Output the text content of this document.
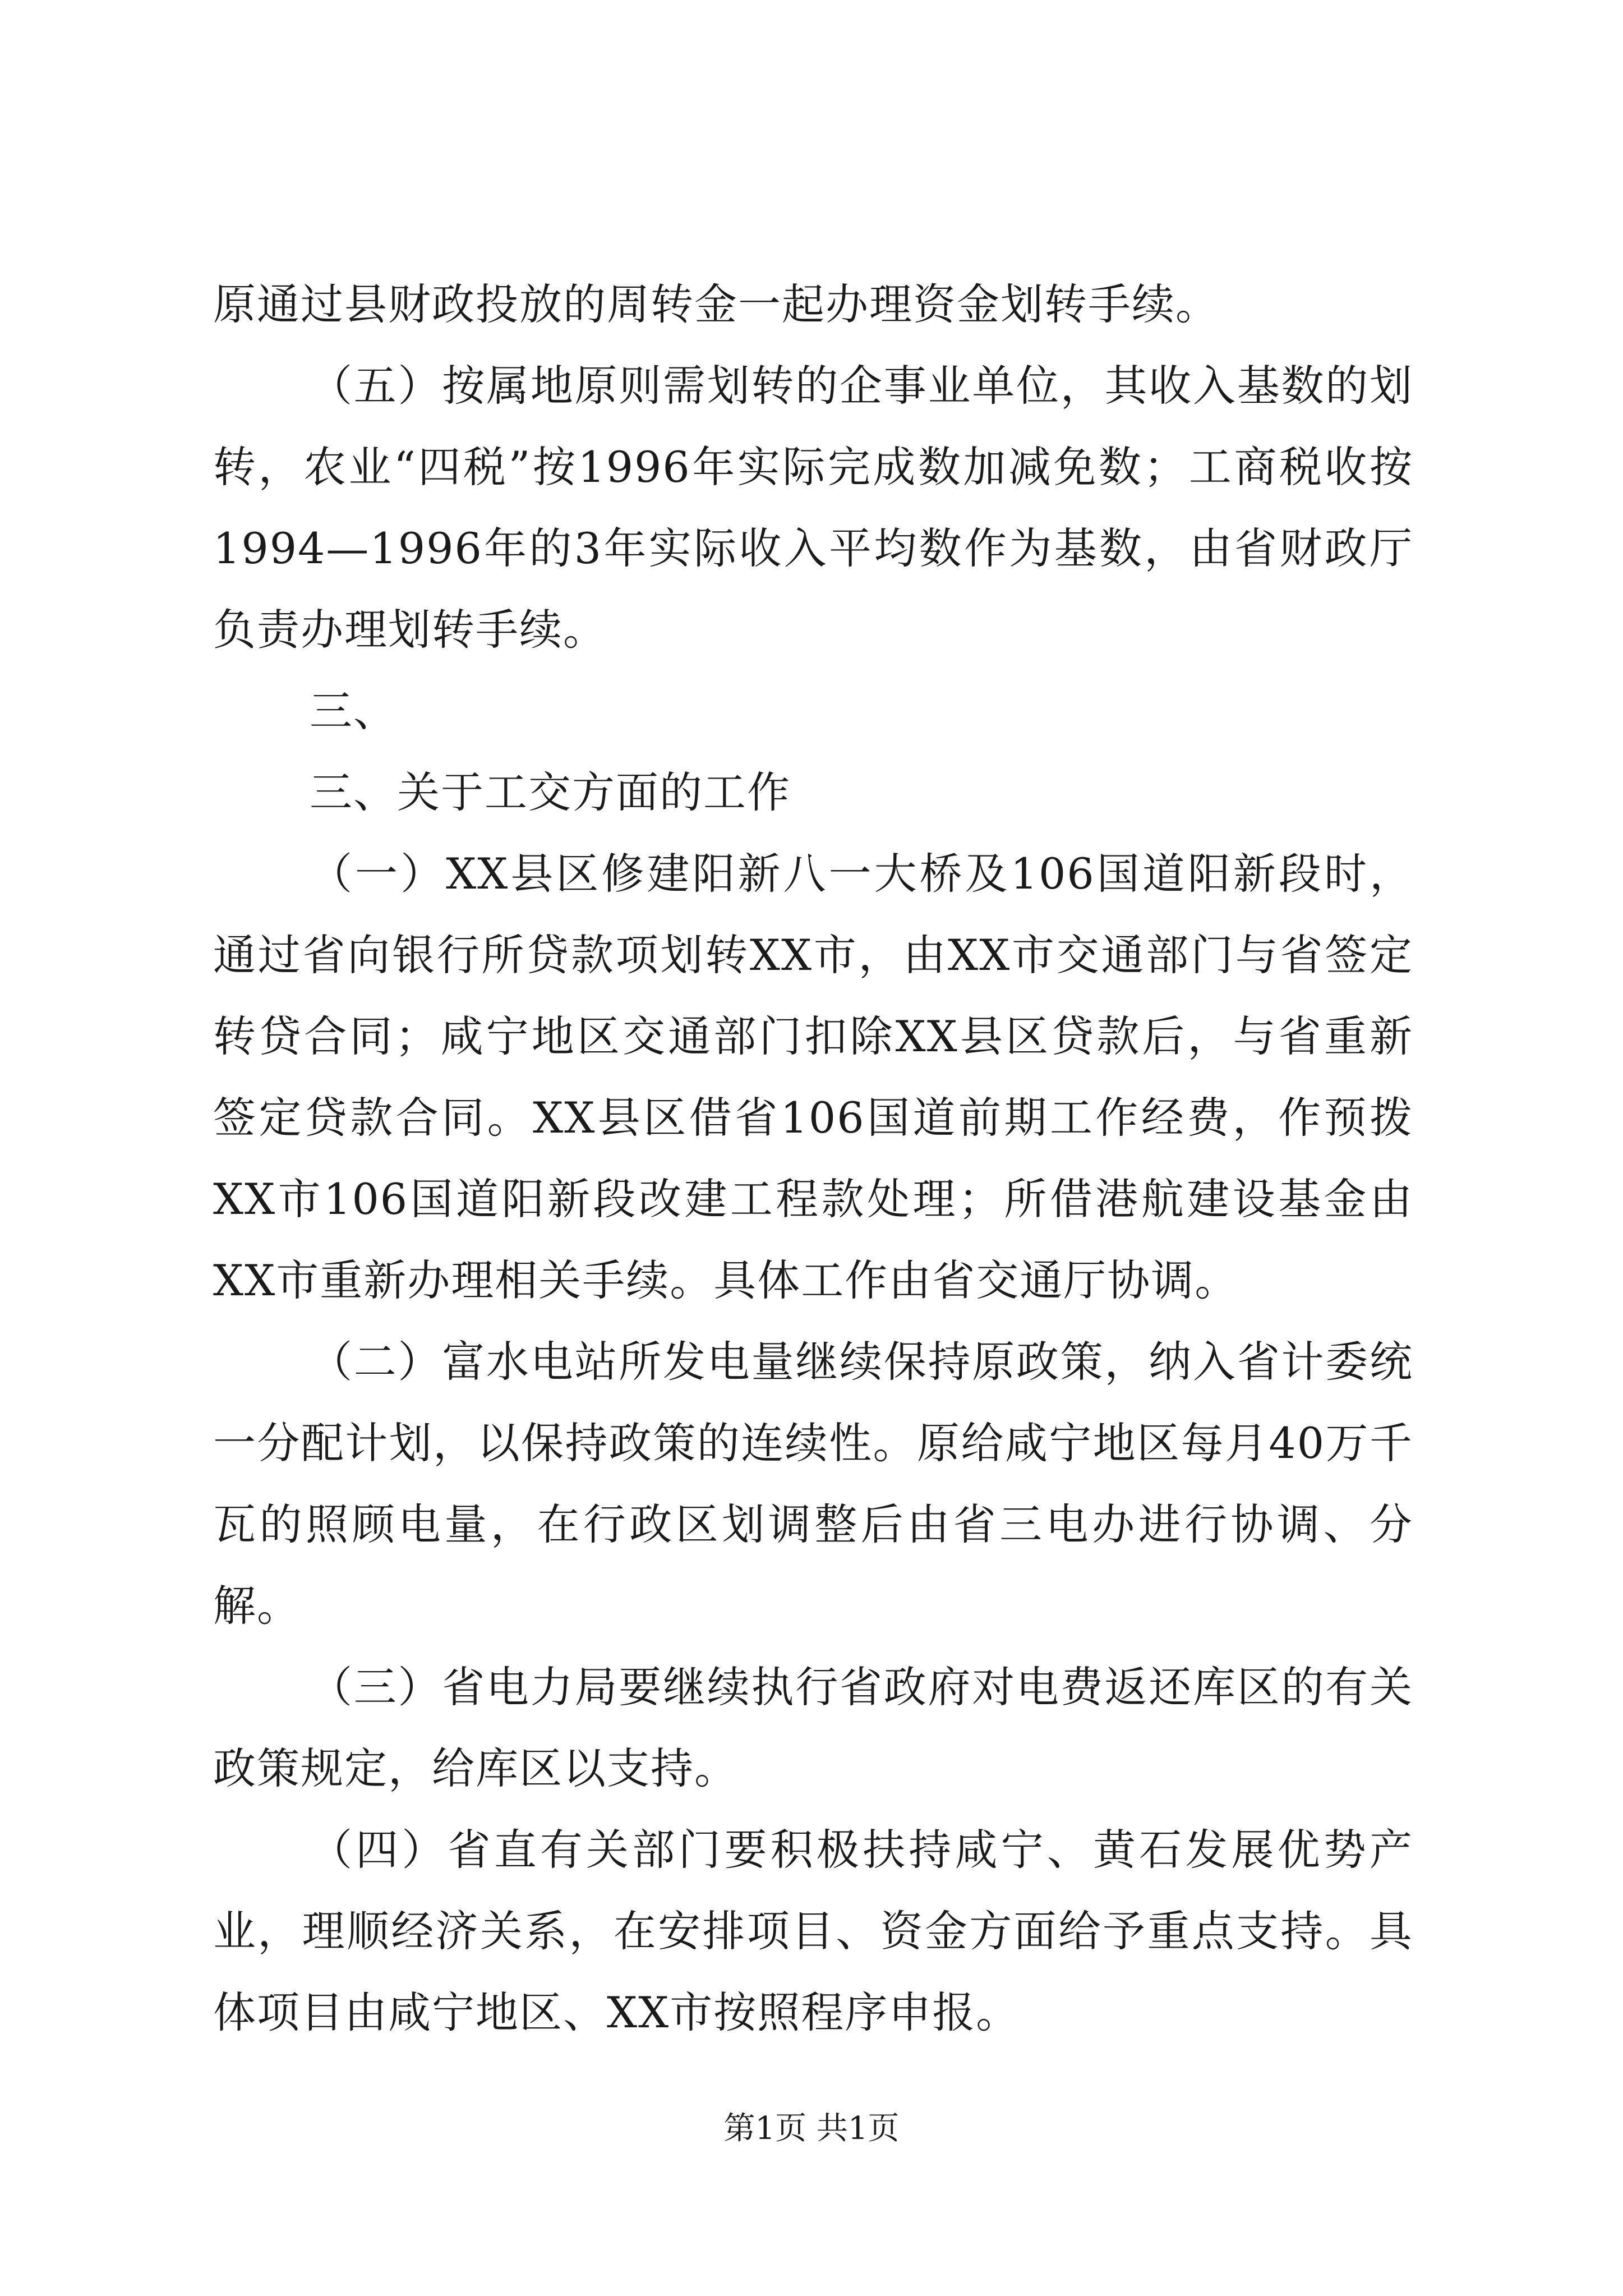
原通过县财政投放的周转金一起办理资金划转手续。

（五）按属地原则需划转的企事业单位，其收入基数的划转，农业“四税”按1996年实际完成数加减免数；工商税收按1994—1996年的3年实际收入平均数作为基数，由省财政厅负责办理划转手续。

三、

三、关于工交方面的工作

（一）XX县区修建阳新八一大桥及106国道阳新段时，通过省向银行所贷款项划转XX市，由XX市交通部门与省签定转贷合同；咸宁地区交通部门扣除XX县区贷款后，与省重新签定贷款合同。XX县区借省106国道前期工作经费，作预拨XX市106国道阳新段改建工程款处理；所借港航建设基金由XX市重新办理相关手续。具体工作由省交通厅协调。

（二）富水电站所发电量继续保持原政策，纳入省计委统一分配计划，以保持政策的连续性。原给咸宁地区每月40万千瓦的照顾电量，在行政区划调整后由省三电办进行协调、分解。

（三）省电力局要继续执行省政府对电费返还库区的有关政策规定，给库区以支持。

（四）省直有关部门要积极扶持咸宁、黄石发展优势产业，理顺经济关系，在安排项目、资金方面给予重点支持。具体项目由咸宁地区、XX市按照程序申报。

第1页 共1页
